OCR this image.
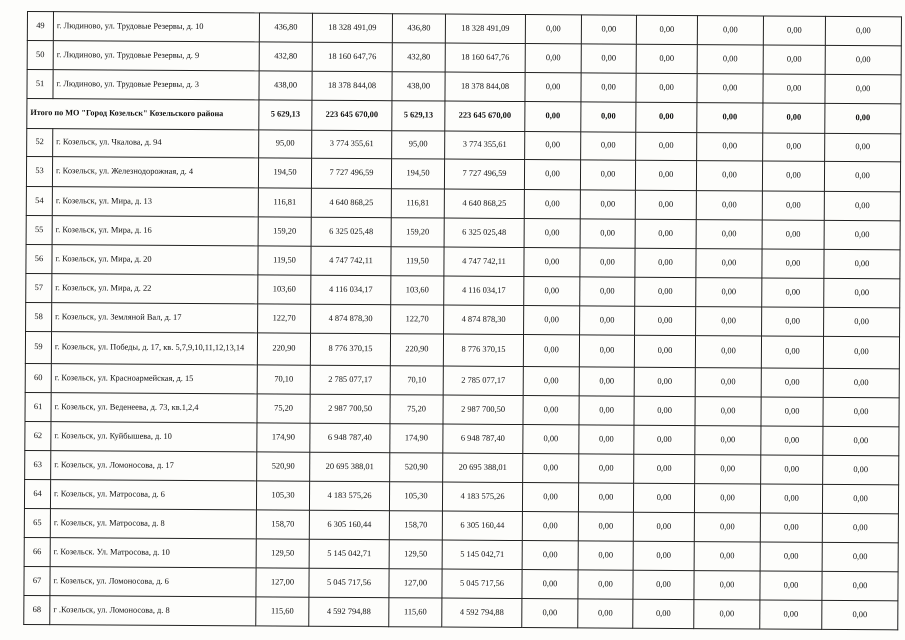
49	г. Людиново, ул. Трудовые Резервы, д. 10	436,80	18 328 491,09	436,80	18 328 491,09	0,00	0,00	0,00	0,00	0,00	0,00
50	г. Людиново, ул. Трудовые Резервы, д. 9	432,80	18 160 647,76	432,80	18 160 647,76	0,00	0,00	0,00	0,00	0,00	0,00
51	г. Людиново, ул. Трудовые Резервы, д. 3	438,00	18 378 844,08	438,00	18 378 844,08	0,00	0,00	0,00	0,00	0,00	0,00
Итого по МО "Город Козельск" Козельского района		5 629,13	223 645 670,00	5 629,13	223 645 670,00	0,00	0,00	0,00	0,00	0,00	0,00
52	г. Козельск, ул. Чкалова, д. 94	95,00	3 774 355,61	95,00	3 774 355,61	0,00	0,00	0,00	0,00	0,00	0,00
53	г. Козельск, ул. Железнодорожная, д. 4	194,50	7 727 496,59	194,50	7 727 496,59	0,00	0,00	0,00	0,00	0,00	0,00
54	г. Козельск, ул. Мира, д. 13	116,81	4 640 868,25	116,81	4 640 868,25	0,00	0,00	0,00	0,00	0,00	0,00
55	г. Козельск, ул. Мира, д. 16	159,20	6 325 025,48	159,20	6 325 025,48	0,00	0,00	0,00	0,00	0,00	0,00
56	г. Козельск, ул. Мира, д. 20	119,50	4 747 742,11	119,50	4 747 742,11	0,00	0,00	0,00	0,00	0,00	0,00
57	г. Козельск, ул. Мира, д. 22	103,60	4 116 034,17	103,60	4 116 034,17	0,00	0,00	0,00	0,00	0,00	0,00
58	г. Козельск, ул. Земляной Вал, д. 17	122,70	4 874 878,30	122,70	4 874 878,30	0,00	0,00	0,00	0,00	0,00	0,00
59	г. Козельск, ул. Победы, д. 17, кв. 5,7,9,10,11,12,13,14	220,90	8 776 370,15	220,90	8 776 370,15	0,00	0,00	0,00	0,00	0,00	0,00
60	г. Козельск, ул. Красноармейская, д. 15	70,10	2 785 077,17	70,10	2 785 077,17	0,00	0,00	0,00	0,00	0,00	0,00
61	г. Козельск, ул. Веденеева, д. 73, кв.1,2,4	75,20	2 987 700,50	75,20	2 987 700,50	0,00	0,00	0,00	0,00	0,00	0,00
62	г. Козельск, ул. Куйбышева, д. 10	174,90	6 948 787,40	174,90	6 948 787,40	0,00	0,00	0,00	0,00	0,00	0,00
63	г. Козельск, ул. Ломоносова, д. 17	520,90	20 695 388,01	520,90	20 695 388,01	0,00	0,00	0,00	0,00	0,00	0,00
64	г. Козельск, ул. Матросова, д. 6	105,30	4 183 575,26	105,30	4 183 575,26	0,00	0,00	0,00	0,00	0,00	0,00
65	г. Козельск, ул. Матросова, д. 8	158,70	6 305 160,44	158,70	6 305 160,44	0,00	0,00	0,00	0,00	0,00	0,00
66	г. Козельск. Ул. Матросова, д. 10	129,50	5 145 042,71	129,50	5 145 042,71	0,00	0,00	0,00	0,00	0,00	0,00
67	г. Козельск, ул. Ломоносова, д. 6	127,00	5 045 717,56	127,00	5 045 717,56	0,00	0,00	0,00	0,00	0,00	0,00
68	г .Козельск, ул. Ломоносова, д. 8	115,60	4 592 794,88	115,60	4 592 794,88	0,00	0,00	0,00	0,00	0,00	0,00
